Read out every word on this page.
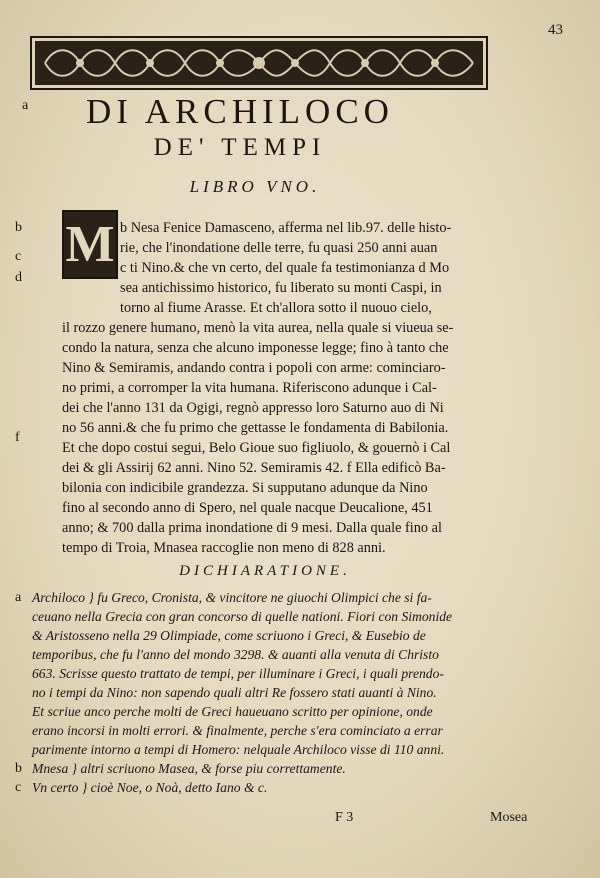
43
a	DI ARCHILOCO
DE' TEMPI
LIBRO VNO.
b
c
d
f
M b Nesa Fenice Damasceno, afferma nel lib.97. delle histo-
rie, che l'inondatione delle terre, fu quasi 250 anni auan
c ti Nino.& che vn certo, del quale fa testimonianza d Mo
sea antichissimo historico, fu liberato su monti Caspi, in
torno al fiume Arasse. Et ch'allora sotto il nuouo cielo,
il rozzo genere humano, menò la vita aurea, nella quale si viueua se-
condo la natura, senza che alcuno imponesse legge; fino à tanto che
Nino & Semiramis, andando contra i popoli con arme: cominciaro-
no primi, a corromper la vita humana. Riferiscono adunque i Cal-
dei che l'anno 131 da Ogigi, regnò appresso loro Saturno auo di Ni
no 56 anni.& che fu primo che gettasse le fondamenta di Babilonia.
Et che dopo costui segui, Belo Gioue suo figliuolo, & gouernò i Cal
dei & gli Assirij 62 anni. Nino 52. Semiramis 42. f Ella edificò Ba-
bilonia con indicibile grandezza. Si supputano adunque da Nino
fino al secondo anno di Spero, nel quale nacque Deucalione, 451
anno; & 700 dalla prima inondatione di 9 mesi. Dalla quale fino al
tempo di Troia, Mnasea raccoglie non meno di 828 anni.
DICHIARATIONE.
a Archiloco } fu Greco, Cronista, & vincitore ne giuochi Olimpici che si fa-
ceuano nella Grecia con gran concorso di quelle nationi. Fiori con Simonide
& Aristosseno nella 29 Olimpiade, come scriuono i Greci, & Eusebio de
temporibus, che fu l'anno del mondo 3298. & auanti alla venuta di Christo
663. Scrisse questo trattato de tempi, per illuminare i Greci, i quali prendo-
no i tempi da Nino: non sapendo quali altri Re fossero stati auanti à Nino.
Et scriue anco perche molti de Greci haueuano scritto per opinione, onde
erano incorsi in molti errori. & finalmente, perche s'era cominciato a errar
parimente intorno a tempi di Homero: nelquale Archiloco visse di 110 anni.
b Mnesa } altri scriuono Masea, & forse piu correttamente.
c Vn certo } cioè Noe, o Noà, detto Iano & c.
F 3	Mosea
